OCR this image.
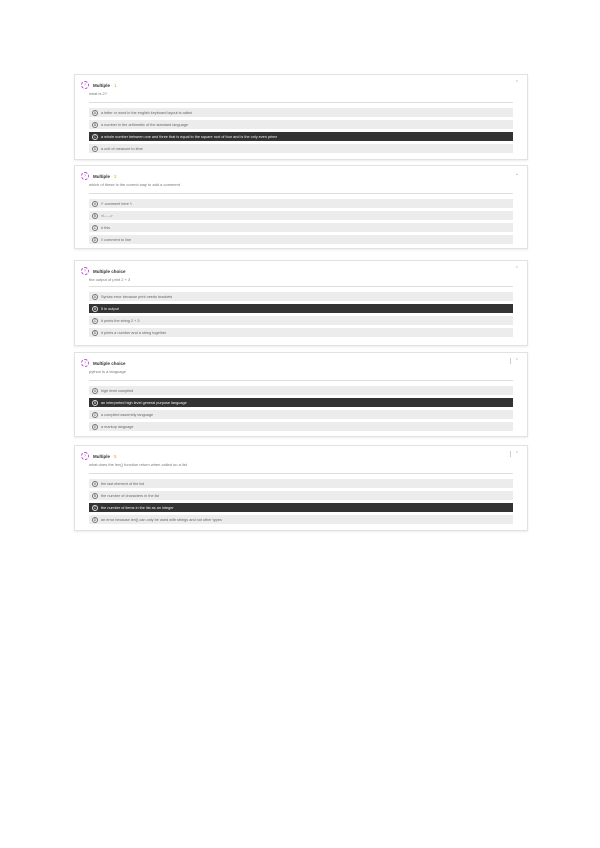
? Multiple · 1	⌃
what is 2?
A	a letter or word in the english keyboard layout is called
B	a number in the arithmetic of the standard language
C	a whole number between one and three that is equal to the square root of four and is the only even prime
D	a unit of measure to time
? Multiple · 2	⌄
which of these is the correct way to add a comment
A	/* comment here */
B	<!-- -->
C	# this
D	// comment to line
? Multiple choice	⌃
the output of print 2 + 3
A	Syntax error because print needs brackets
B	5 in output
C	it prints the string 2 + 3
D	it prints a number and a string together
? Multiple choice	⌃
python is a language
A	high level compiled
B	an interpreted high level general purpose language
C	a compiled assembly language
D	a markup language
? Multiple · 5	⌃
what does the len() function return when called on a list
A	the last element of the list
B	the number of characters in the list
C	the number of items in the list as an integer
D	an error because len() can only be used with strings and not other types
